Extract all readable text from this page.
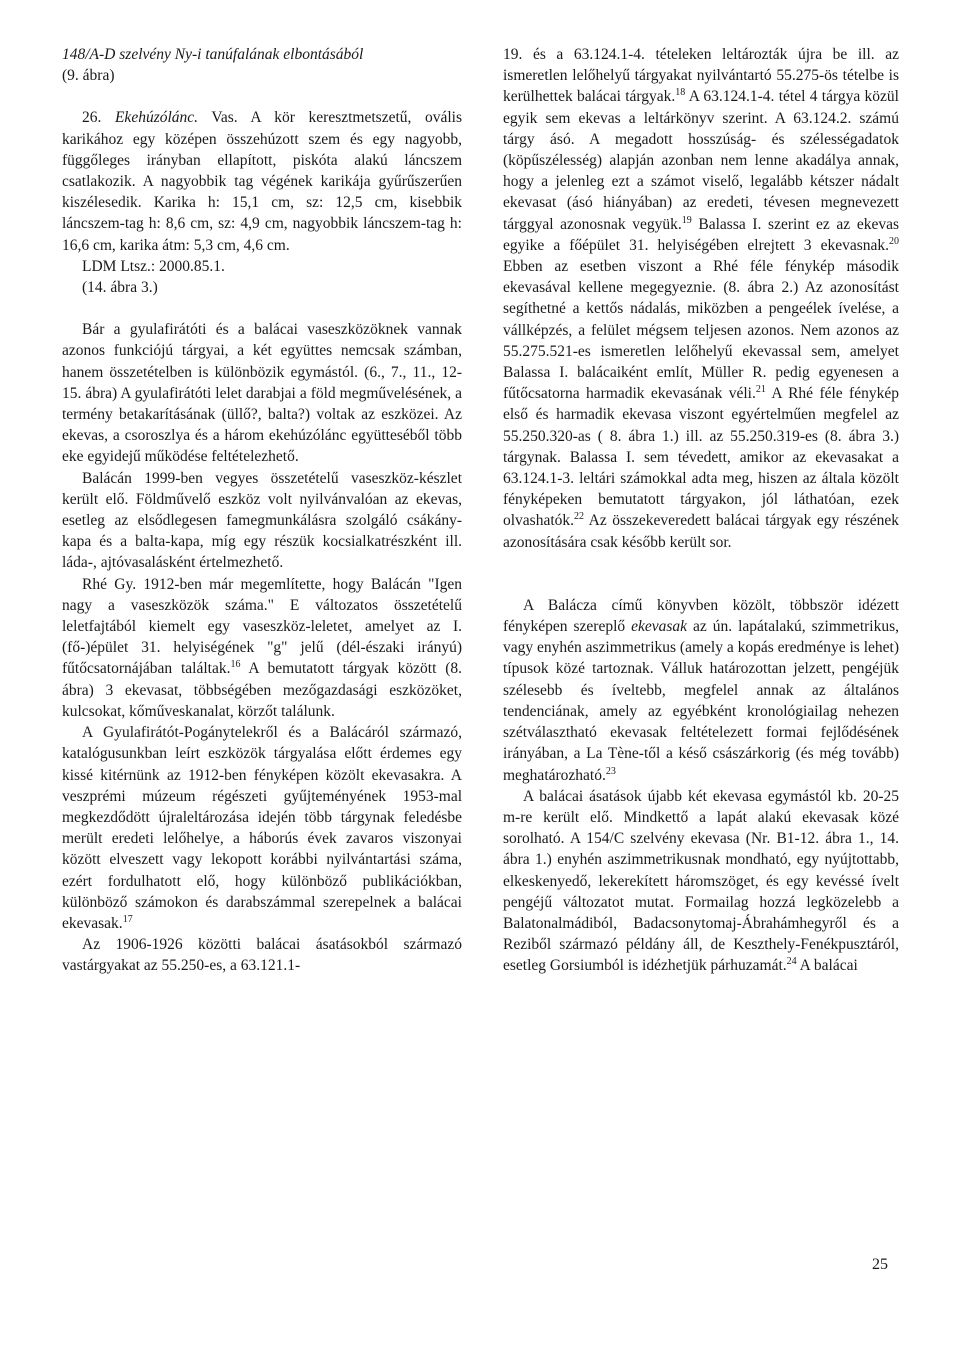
148/A-D szelvény Ny-i tanúfalának elbontásából

(9. ábra)

26. Ekehúzólánc. Vas. A kör keresztmetszetű, ovális karikához egy középen összehúzott szem és egy nagyobb, függőleges irányban ellapított, piskóta alakú láncszem csatlakozik. A nagyobbik tag végének karikája gyűrűszerűen kiszélesedik. Karika h: 15,1 cm, sz: 12,5 cm, kisebbik láncszem-tag h: 8,6 cm, sz: 4,9 cm, nagyobbik láncszem-tag h: 16,6 cm, karika átm: 5,3 cm, 4,6 cm.

LDM Ltsz.: 2000.85.1.

(14. ábra 3.)

Bár a gyulafirátóti és a balácai vaseszközöknek vannak azonos funkciójú tárgyai, a két együttes nemcsak számban, hanem összetételben is különbözik egymástól. (6., 7., 11., 12-15. ábra) A gyulafirátóti lelet darabjai a föld megművelésének, a termény betakarításának (üllő?, balta?) voltak az eszközei. Az ekevas, a csoroszlya és a három ekehúzólánc együtteséből több eke egyidejű működése feltételezhető.

Balácán 1999-ben vegyes összetételű vaseszköz-készlet került elő. Földművelő eszköz volt nyilvánvalóan az ekevas, esetleg az elsődlegesen famegmunkálásra szolgáló csákány-kapa és a balta-kapa, míg egy részük kocsialkatrészként ill. láda-, ajtóvasalásként értelmezhető.

Rhé Gy. 1912-ben már megemlítette, hogy Balácán "Igen nagy a vaseszközök száma." E változatos összetételű leletfajtából kiemelt egy vaseszköz-leletet, amelyet az I. (fő-)épület 31. helyiségének "g" jelű (dél-északi irányú) fűtőcsatornájában találtak.$^{16}$ A bemutatott tárgyak között (8. ábra) 3 ekevasat, többségében mezőgazdasági eszközöket, kulcsokat, kőművеskanalat, körzőt találunk.

A Gyulafirátót-Pogánytelekről és a Balácáról származó, katalógusunkban leírt eszközök tárgyalása előtt érdemes egy kissé kitérnünk az 1912-ben fényképen közölt ekevasakra. A veszprémi múzeum régészeti gyűjteményének 1953-mal megkezdődött újraleltározása idején több tárgynak feledésbe merült eredeti lelőhelye, a háborús évek zavaros viszonyai között elveszett vagy lekopott korábbi nyilvántartási száma, ezért fordulhatott elő, hogy különböző publikációkban, különböző számokon és darabszámmal szerepelnek a balácai ekevasak.$^{17}$

Az 1906-1926 közötti balácai ásatásokból származó vastárgyakat az 55.250-es, a 63.121.1-

19. és a 63.124.1-4. tételeken leltározták újra be ill. az ismeretlen lelőhelyű tárgyakat nyilvántartó 55.275-ös tételbe is kerülhettek balácai tárgyak.$^{18}$ A 63.124.1-4. tétel 4 tárgya közül egyik sem ekevas a leltárkönyv szerint. A 63.124.2. számú tárgy ásó. A megadott hosszúság- és szélességadatok (köpűszélesség) alapján azonban nem lenne akadálya annak, hogy a jelenleg ezt a számot viselő, legalább kétszer nádalt ekevasat (ásó hiányában) az eredeti, tévesen megnevezett tárggyal azonosnak vegyük.$^{19}$ Balassa I. szerint ez az ekevas egyike a főépület 31. helyiségében elrejtett 3 ekevasnak.$^{20}$ Ebben az esetben viszont a Rhé féle fénykép második ekevasával kellene megegyeznie. (8. ábra 2.) Az azonosítást segíthetné a kettős nádalás, miközben a pengeélek ívelése, a vállképzés, a felület mégsem teljesen azonos. Nem azonos az 55.275.521-es ismeretlen lelőhelyű ekevassal sem, amelyet Balassa I. balácaiként említ, Müller R. pedig egyenesen a fűtőcsatorna harmadik ekevasának véli.$^{21}$ A Rhé féle fénykép első és harmadik ekevasa viszont egyértelműen megfelel az 55.250.320-as ( 8. ábra 1.) ill. az 55.250.319-es (8. ábra 3.) tárgynak. Balassa I. sem tévedett, amikor az ekevasakat a 63.124.1-3. leltári számokkal adta meg, hiszen az általa közölt fényképeken bemutatott tárgyakon, jól láthatóan, ezek olvashatók.$^{22}$ Az összekeveredett balácai tárgyak egy részének azonosítására csak később került sor.

A Balácza című könyvben közölt, többször idézett fényképen szereplő ekevasak az ún. lapátalakú, szimmetrikus, vagy enyhén aszimmetrikus (amely a kopás eredménye is lehet) típusok közé tartoznak. Válluk határozottan jelzett, pengéjük szélesebb és íveltebb, megfelel annak az általános tendenciának, amely az egyébként kronológiailag nehezen szétválasztható ekevasak feltételezett formai fejlődésének irányában, a La Tène-től a késő császárkorig (és még tovább) meghatározható.$^{23}$

A balácai ásatások újabb két ekevasa egymástól kb. 20-25 m-re került elő. Mindkettő a lapát alakú ekevasak közé sorolható. A 154/C szelvény ekevasa (Nr. B1-12. ábra 1., 14. ábra 1.) enyhén aszimmetrikusnak mondható, egy nyújtottabb, elkeskenyedő, lekerekített háromszöget, és egy kevéssé ívelt pengéjű változatot mutat. Formailag hozzá legközelebb a Balatonalmádiból, Badacsonytomaj-Ábrahámhegyről és a Reziből származó példány áll, de Keszthely-Fenékpusztáról, esetleg Gorsiumból is idézhetjük párhuzamát.$^{24}$ A balácai

25
